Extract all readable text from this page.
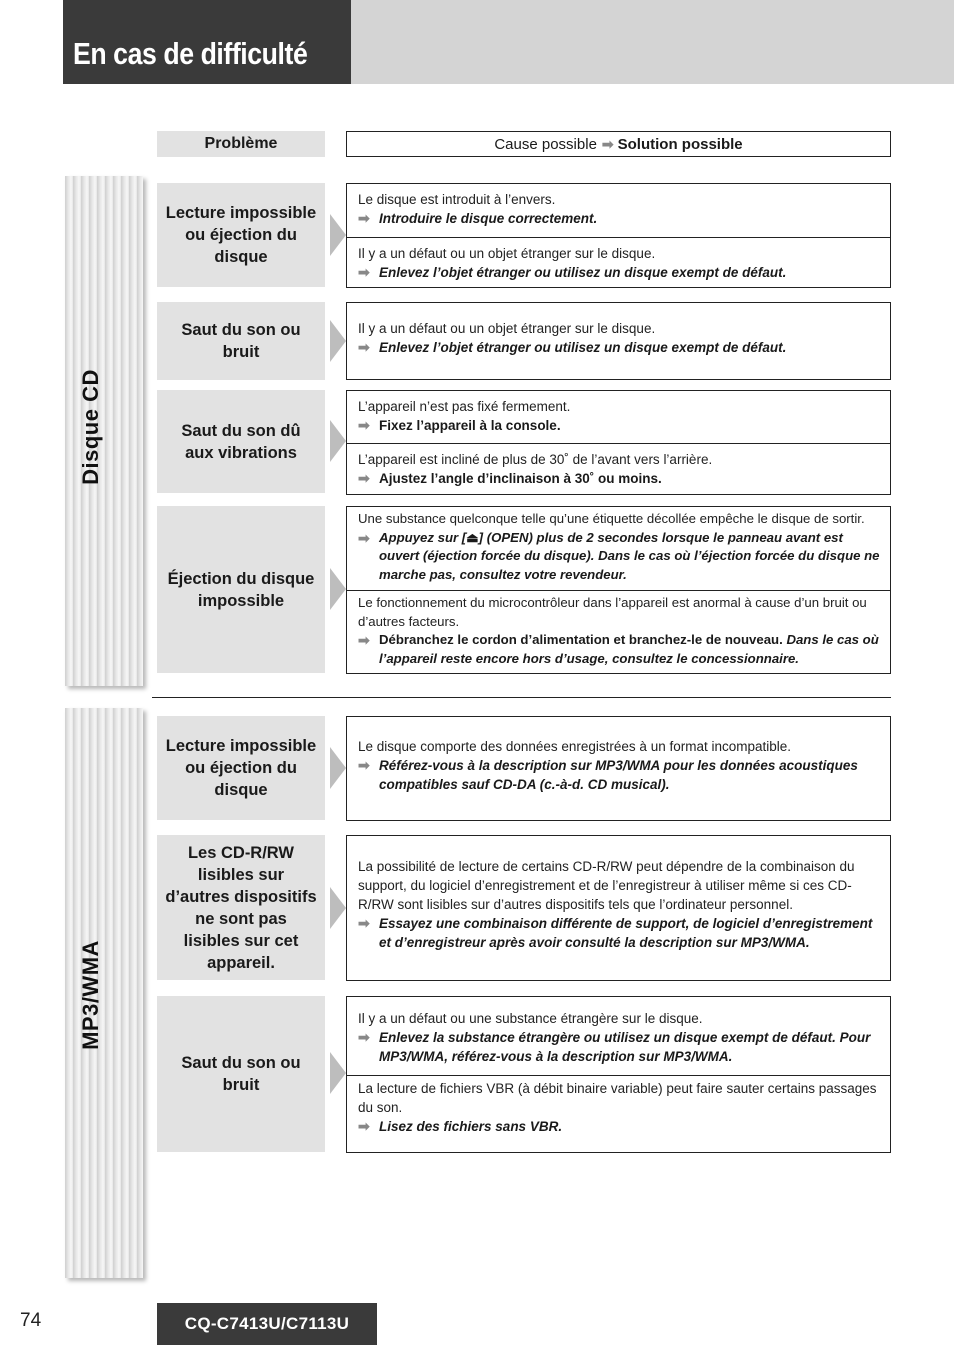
En cas de difficulté
Problème	Cause possible ➡ Solution possible
Disque CD
MP3/WMA
Lecture impossible ou éjection du disque
Le disque est introduit à l’envers.
➡ Introduire le disque correctement.
Il y a un défaut ou un objet étranger sur le disque.
➡ Enlevez l’objet étranger ou utilisez un disque exempt de défaut.
Saut du son ou bruit
Il y a un défaut ou un objet étranger sur le disque.
➡ Enlevez l’objet étranger ou utilisez un disque exempt de défaut.
Saut du son dû aux vibrations
L’appareil n’est pas fixé fermement.
➡ Fixez l’appareil à la console.
L’appareil est incliné de plus de 30˚ de l’avant vers l’arrière.
➡ Ajustez l’angle d’inclinaison à 30˚ ou moins.
Éjection du disque impossible
Une substance quelconque telle qu’une étiquette décollée empêche le disque de sortir.
➡ Appuyez sur [⏏] (OPEN) plus de 2 secondes lorsque le panneau avant est ouvert (éjection forcée du disque). Dans le cas où l’éjection forcée du disque ne marche pas, consultez votre revendeur.
Le fonctionnement du microcontrôleur dans l’appareil est anormal à cause d’un bruit ou d’autres facteurs.
➡ Débranchez le cordon d’alimentation et branchez-le de nouveau. Dans le cas où l’appareil reste encore hors d’usage, consultez le concessionnaire.
Lecture impossible ou éjection du disque
Le disque comporte des données enregistrées à un format incompatible.
➡ Référez-vous à la description sur MP3/WMA pour les données acoustiques compatibles sauf CD-DA (c.-à-d. CD musical).
Les CD-R/RW lisibles sur d’autres dispositifs ne sont pas lisibles sur cet appareil.
La possibilité de lecture de certains CD-R/RW peut dépendre de la combinaison du support, du logiciel d’enregistrement et de l’enregistreur à utiliser même si ces CD-R/RW sont lisibles sur d’autres dispositifs tels que l’ordinateur personnel.
➡ Essayez une combinaison différente de support, de logiciel d’enregistrement et d’enregistreur après avoir consulté la description sur MP3/WMA.
Saut du son ou bruit
Il y a un défaut ou une substance étrangère sur le disque.
➡ Enlevez la substance étrangère ou utilisez un disque exempt de défaut. Pour MP3/WMA, référez-vous à la description sur MP3/WMA.
La lecture de fichiers VBR (à débit binaire variable) peut faire sauter certains passages du son.
➡ Lisez des fichiers sans VBR.
74	CQ-C7413U/C7113U
